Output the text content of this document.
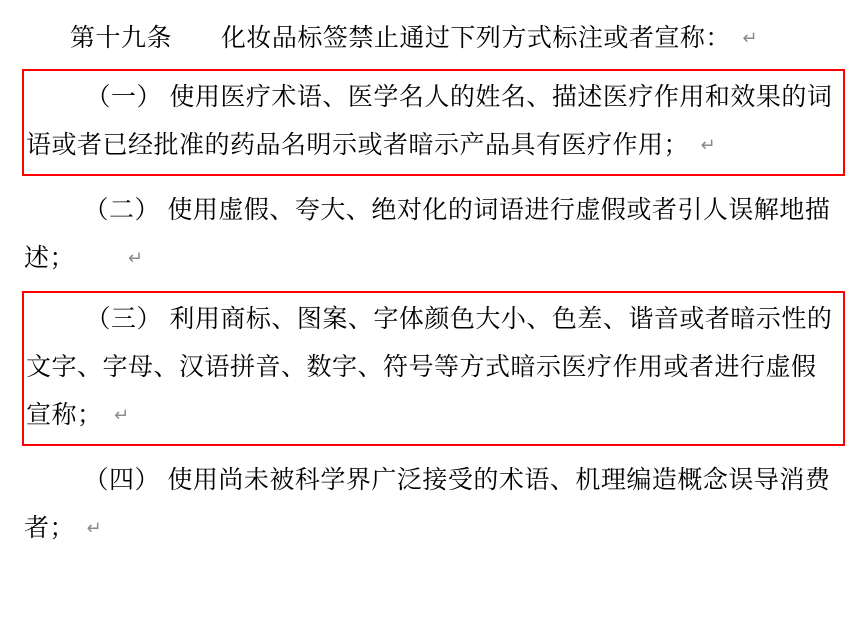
第十九条 化妆品标签禁止通过下列方式标注或者宣称： ↵
（一） 使用医疗术语、医学名人的姓名、描述医疗作用和效果的词语或者已经批准的药品名明示或者暗示产品具有医疗作用； ↵
（二） 使用虚假、夸大、绝对化的词语进行虚假或者引人误解地描述；	↵
（三） 利用商标、图案、字体颜色大小、色差、谐音或者暗示性的文字、字母、汉语拼音、数字、符号等方式暗示医疗作用或者进行虚假宣称； ↵
（四） 使用尚未被科学界广泛接受的术语、机理编造概念误导消费者； ↵
